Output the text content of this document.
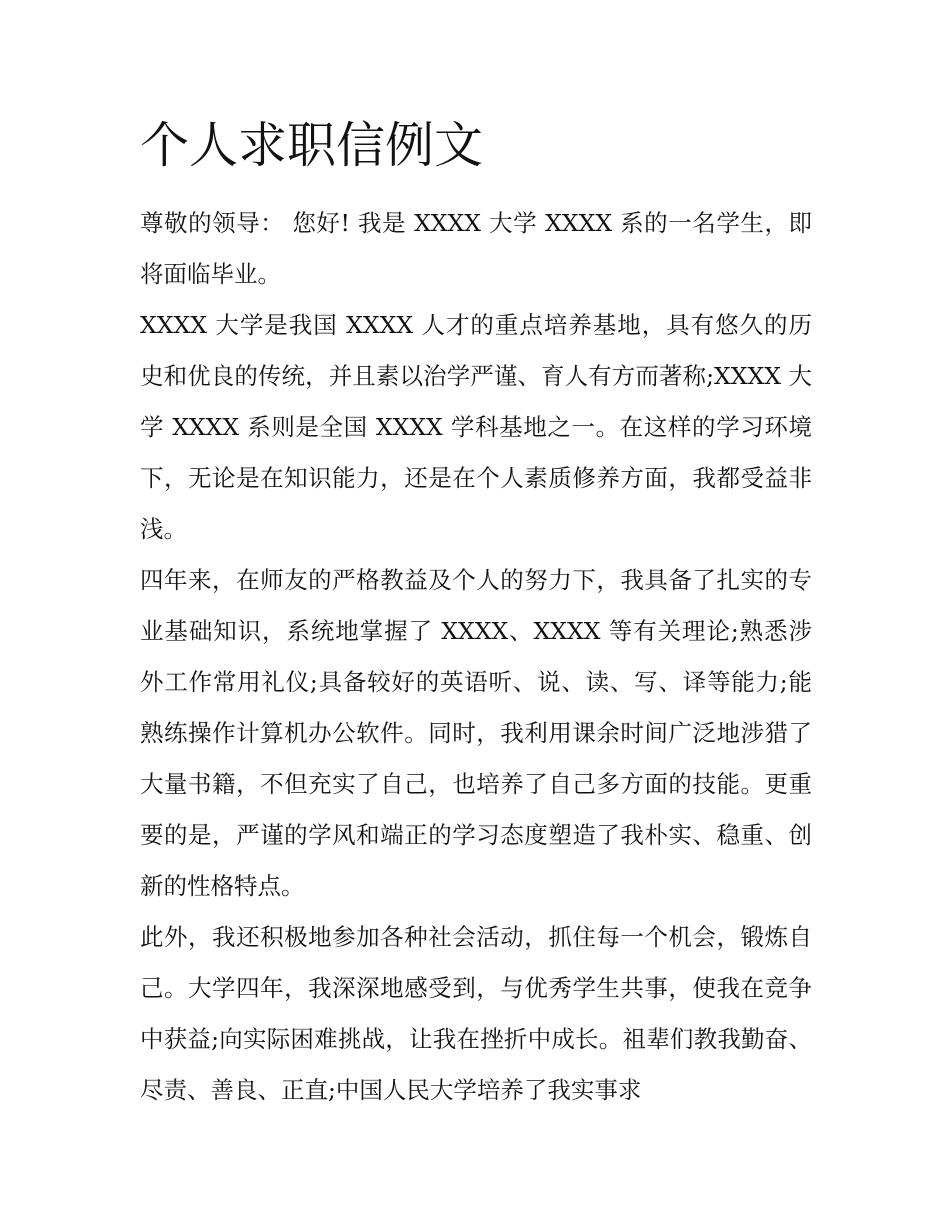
个人求职信例文

尊敬的领导： 您好! 我是 XXXX 大学 XXXX 系的一名学生，即将面临毕业。

XXXX 大学是我国 XXXX 人才的重点培养基地，具有悠久的历史和优良的传统，并且素以治学严谨、育人有方而著称;XXXX 大学 XXXX 系则是全国 XXXX 学科基地之一。在这样的学习环境下，无论是在知识能力，还是在个人素质修养方面，我都受益非浅。

四年来，在师友的严格教益及个人的努力下，我具备了扎实的专业基础知识，系统地掌握了 XXXX、XXXX 等有关理论;熟悉涉外工作常用礼仪;具备较好的英语听、说、读、写、译等能力;能熟练操作计算机办公软件。同时，我利用课余时间广泛地涉猎了大量书籍，不但充实了自己，也培养了自己多方面的技能。更重要的是，严谨的学风和端正的学习态度塑造了我朴实、稳重、创新的性格特点。

此外，我还积极地参加各种社会活动，抓住每一个机会，锻炼自己。大学四年，我深深地感受到，与优秀学生共事，使我在竞争中获益;向实际困难挑战，让我在挫折中成长。祖辈们教我勤奋、尽责、善良、正直;中国人民大学培养了我实事求
